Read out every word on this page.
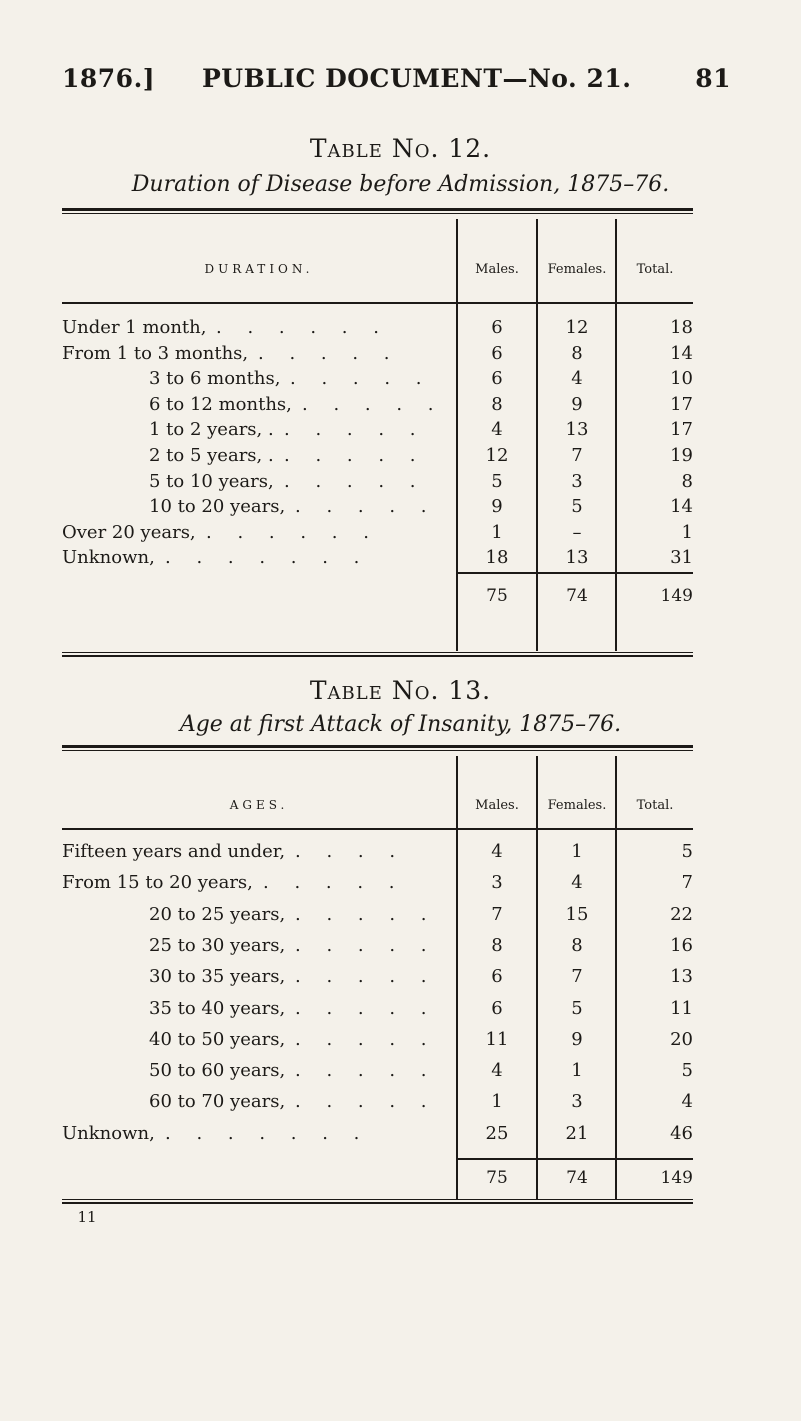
1876.] PUBLIC DOCUMENT—No. 21.	81
Table No. 12.
Duration of Disease before Admission, 1875–76.
DURATION.	Males.	Females.	Total.
Under 1 month, . . . . . .	6	12	18
From 1 to 3 months, . . . . .	6	8	14
3 to 6 months, . . . . .	6	4	10
6 to 12 months, . . . . .	8	9	17
1 to 2 years, . . . . . .	4	13	17
2 to 5 years, . . . . . .	12	7	19
5 to 10 years, . . . . .	5	3	8
10 to 20 years, . . . . .	9	5	14
Over 20 years, . . . . . .	1	–	1
Unknown, . . . . . . .	18	13	31
75	74	149
Table No. 13.
Age at first Attack of Insanity, 1875–76.
AGES.	Males.	Females.	Total.
Fifteen years and under, . . . .	4	1	5
From 15 to 20 years, . . . . .	3	4	7
20 to 25 years, . . . . .	7	15	22
25 to 30 years, . . . . .	8	8	16
30 to 35 years, . . . . .	6	7	13
35 to 40 years, . . . . .	6	5	11
40 to 50 years, . . . . .	11	9	20
50 to 60 years, . . . . .	4	1	5
60 to 70 years, . . . . .	1	3	4
Unknown, . . . . . . .	25	21	46
75	74	149
11
